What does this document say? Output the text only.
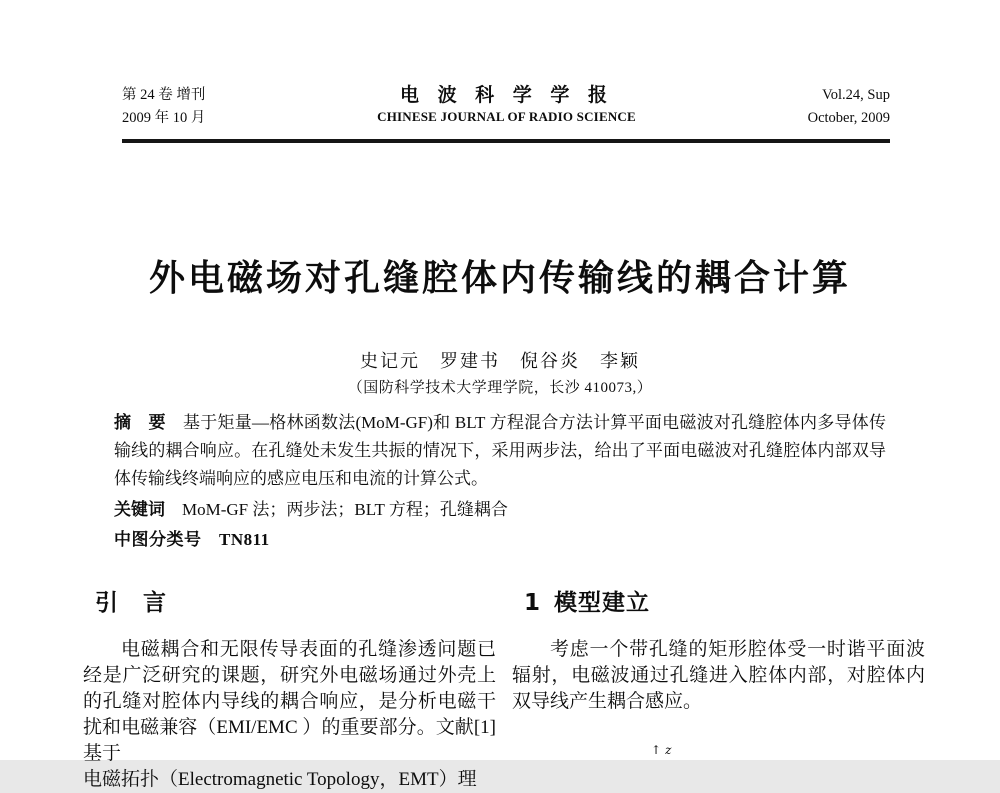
第 24 卷 增刊
2009 年 10 月
电 波 科 学 学 报
CHINESE JOURNAL OF RADIO SCIENCE
Vol.24, Sup
October, 2009
外电磁场对孔缝腔体内传输线的耦合计算
史记元　罗建书　倪谷炎　李颖
（国防科学技术大学理学院，长沙 410073,）

摘　要　 基于矩量—格林函数法(MoM-GF)和 BLT 方程混合方法计算平面电磁波对孔缝腔体内多导体传输线的耦合响应。在孔缝处未发生共振的情况下，采用两步法，给出了平面电磁波对孔缝腔体内部双导体传输线终端响应的感应电压和电流的计算公式。

关键词　 MoM-GF 法；两步法；BLT 方程；孔缝耦合

中图分类号　 TN811

引　言

电磁耦合和无限传导表面的孔缝渗透问题已经是广泛研究的课题，研究外电磁场通过外壳上的孔缝对腔体内导线的耦合响应，是分析电磁干扰和电磁兼容（EMI/EMC ）的重要部分。文献[1]基于

电磁拓扑（Electromagnetic Topology，EMT）理
1 模型建立

考虑一个带孔缝的矩形腔体受一时谐平面波辐射，电磁波通过孔缝进入腔体内部，对腔体内双导线产生耦合感应。

↑ z
